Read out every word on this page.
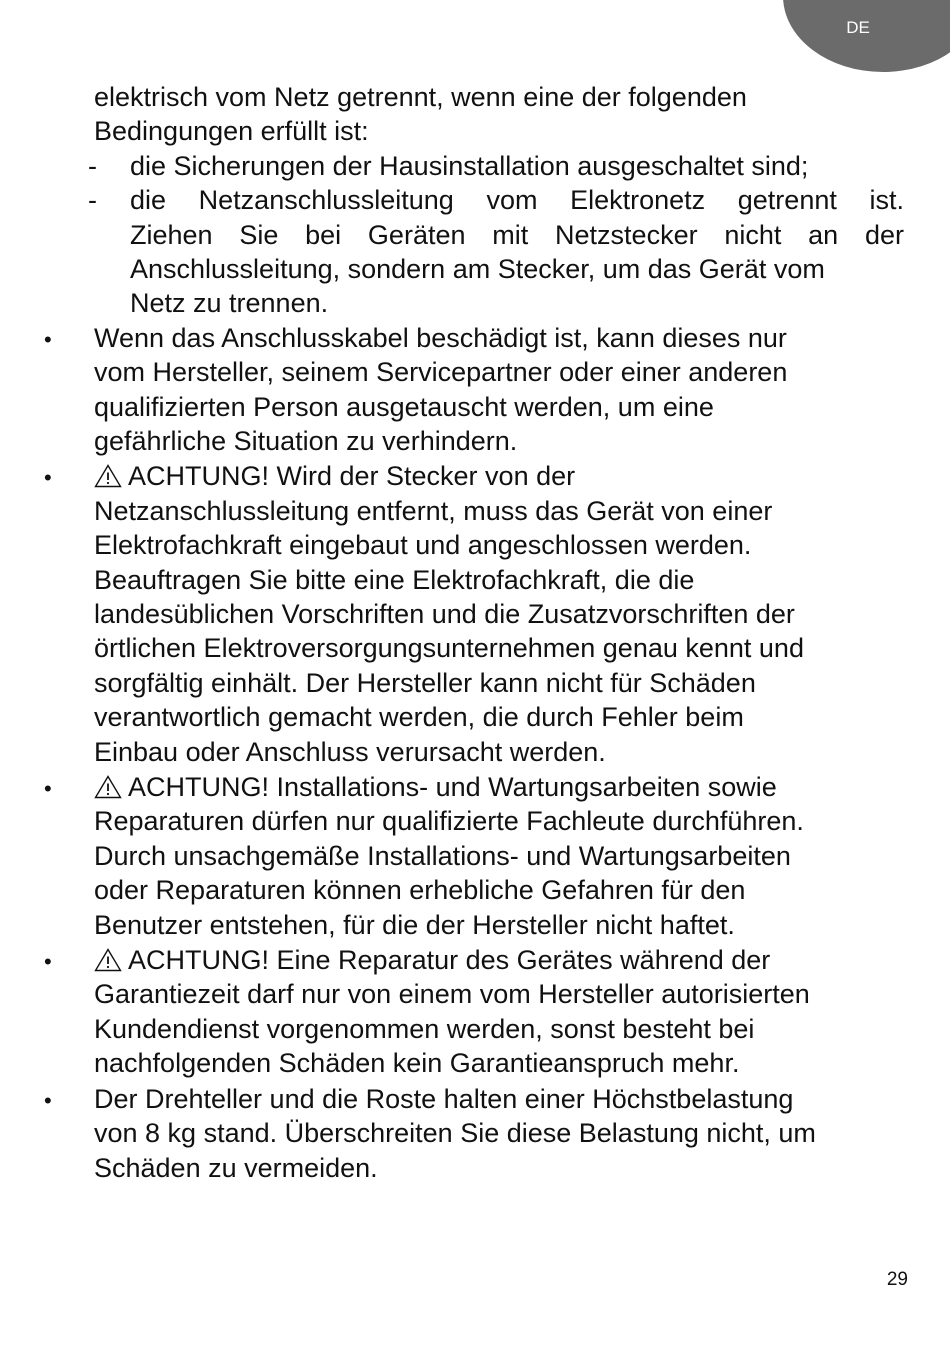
DE
elektrisch vom Netz getrennt, wenn eine der folgenden
Bedingungen erfüllt ist:
- die Sicherungen der Hausinstallation ausgeschaltet sind;
- die Netzanschlussleitung vom Elektronetz getrennt ist.
Ziehen Sie bei Geräten mit Netzstecker nicht an der
Anschlussleitung, sondern am Stecker, um das Gerät vom
Netz zu trennen.
• Wenn das Anschlusskabel beschädigt ist, kann dieses nur
vom Hersteller, seinem Servicepartner oder einer anderen
qualifizierten Person ausgetauscht werden, um eine
gefährliche Situation zu verhindern.
•	ACHTUNG! Wird der Stecker von der
Netzanschlussleitung entfernt, muss das Gerät von einer
Elektrofachkraft eingebaut und angeschlossen werden.
Beauftragen Sie bitte eine Elektrofachkraft, die die
landesüblichen Vorschriften und die Zusatzvorschriften der
örtlichen Elektroversorgungsunternehmen genau kennt und
sorgfältig einhält. Der Hersteller kann nicht für Schäden
verantwortlich gemacht werden, die durch Fehler beim
Einbau oder Anschluss verursacht werden.
•	ACHTUNG! Installations- und Wartungsarbeiten sowie
Reparaturen dürfen nur qualifizierte Fachleute durchführen.
Durch unsachgemäße Installations- und Wartungsarbeiten
oder Reparaturen können erhebliche Gefahren für den
Benutzer entstehen, für die der Hersteller nicht haftet.
•	ACHTUNG! Eine Reparatur des Gerätes während der
Garantiezeit darf nur von einem vom Hersteller autorisierten
Kundendienst vorgenommen werden, sonst besteht bei
nachfolgenden Schäden kein Garantieanspruch mehr.
• Der Drehteller und die Roste halten einer Höchstbelastung
von 8 kg stand. Überschreiten Sie diese Belastung nicht, um
Schäden zu vermeiden.
29
